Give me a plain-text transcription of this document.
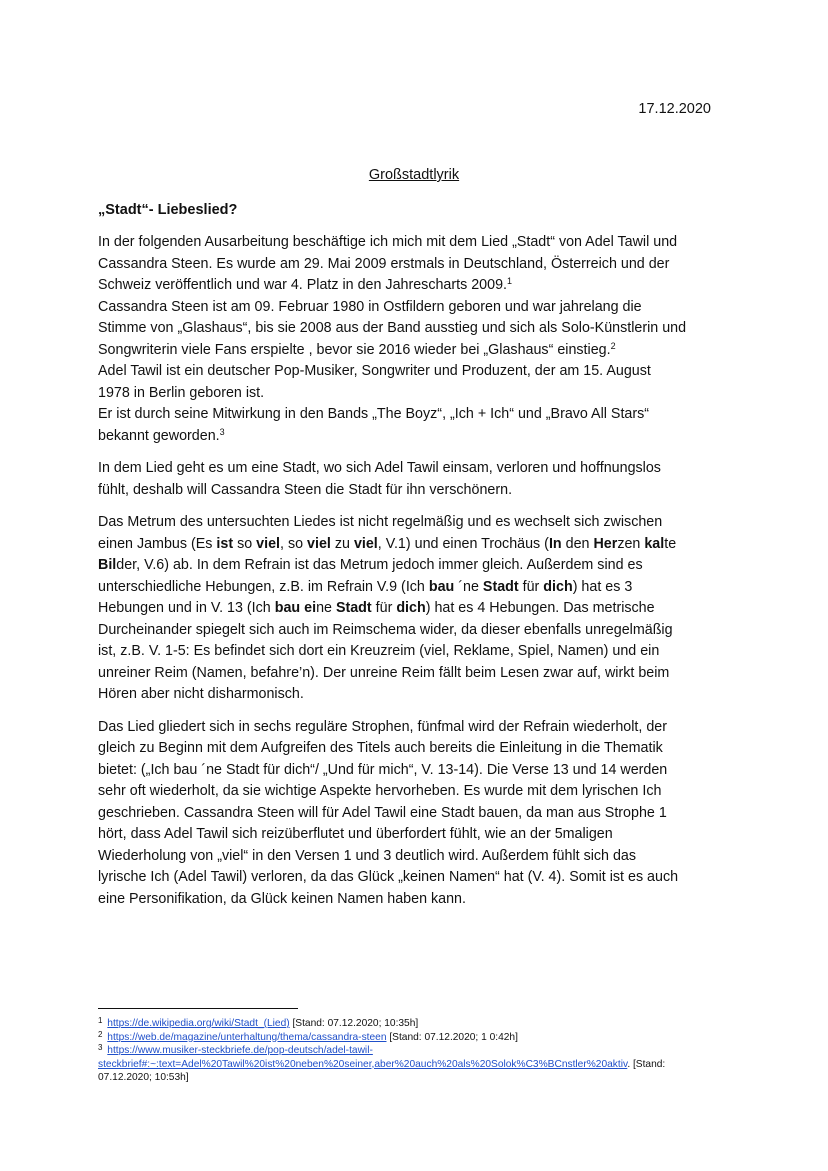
17.12.2020
Großstadtlyrik
„Stadt“- Liebeslied?

In der folgenden Ausarbeitung beschäftige ich mich mit dem Lied „Stadt“ von Adel Tawil und
Cassandra Steen. Es wurde am 29. Mai 2009 erstmals in Deutschland, Österreich und der
Schweiz veröffentlich und war 4. Platz in den Jahrescharts 2009.$^1$
Cassandra Steen ist am 09. Februar 1980 in Ostfildern geboren und war jahrelang die
Stimme von „Glashaus“, bis sie 2008 aus der Band ausstieg und sich als Solo-Künstlerin und
Songwriterin viele Fans erspielte , bevor sie 2016 wieder bei „Glashaus“ einstieg.$^2$
Adel Tawil ist ein deutscher Pop-Musiker, Songwriter und Produzent, der am 15. August
1978 in Berlin geboren ist.
Er ist durch seine Mitwirkung in den Bands „The Boyz“, „Ich + Ich“ und „Bravo All Stars“
bekannt geworden.$^3$

In dem Lied geht es um eine Stadt, wo sich Adel Tawil einsam, verloren und hoffnungslos
fühlt, deshalb will Cassandra Steen die Stadt für ihn verschönern.

Das Metrum des untersuchten Liedes ist nicht regelmäßig und es wechselt sich zwischen
einen Jambus (Es ist so viel, so viel zu viel, V.1) und einen Trochäus (In den Herzen kalte
Bilder, V.6) ab. In dem Refrain ist das Metrum jedoch immer gleich. Außerdem sind es
unterschiedliche Hebungen, z.B. im Refrain V.9 (Ich bau ´ne Stadt für dich) hat es 3
Hebungen und in V. 13 (Ich bau eine Stadt für dich) hat es 4 Hebungen. Das metrische
Durcheinander spiegelt sich auch im Reimschema wider, da dieser ebenfalls unregelmäßig
ist, z.B. V. 1-5: Es befindet sich dort ein Kreuzreim (viel, Reklame, Spiel, Namen) und ein
unreiner Reim (Namen, befahre’n). Der unreine Reim fällt beim Lesen zwar auf, wirkt beim
Hören aber nicht disharmonisch.

Das Lied gliedert sich in sechs reguläre Strophen, fünfmal wird der Refrain wiederholt, der
gleich zu Beginn mit dem Aufgreifen des Titels auch bereits die Einleitung in die Thematik
bietet: („Ich bau ´ne Stadt für dich“/ „Und für mich“, V. 13-14). Die Verse 13 und 14 werden
sehr oft wiederholt, da sie wichtige Aspekte hervorheben. Es wurde mit dem lyrischen Ich
geschrieben. Cassandra Steen will für Adel Tawil eine Stadt bauen, da man aus Strophe 1
hört, dass Adel Tawil sich reizüberflutet und überfordert fühlt, wie an der 5maligen
Wiederholung von „viel“ in den Versen 1 und 3 deutlich wird. Außerdem fühlt sich das
lyrische Ich (Adel Tawil) verloren, da das Glück „keinen Namen“ hat (V. 4). Somit ist es auch
eine Personifikation, da Glück keinen Namen haben kann.

$^1$ https://de.wikipedia.org/wiki/Stadt_(Lied) [Stand: 07.12.2020; 10:35h]
$^2$ https://web.de/magazine/unterhaltung/thema/cassandra-steen [Stand: 07.12.2020; 1 0:42h]
$^3$ https://www.musiker-steckbriefe.de/pop-deutsch/adel-tawil-
steckbrief#:~:text=Adel%20Tawil%20ist%20neben%20seiner,aber%20auch%20als%20Solok%C3%BCnstler%20aktiv. [Stand:
07.12.2020; 10:53h]
